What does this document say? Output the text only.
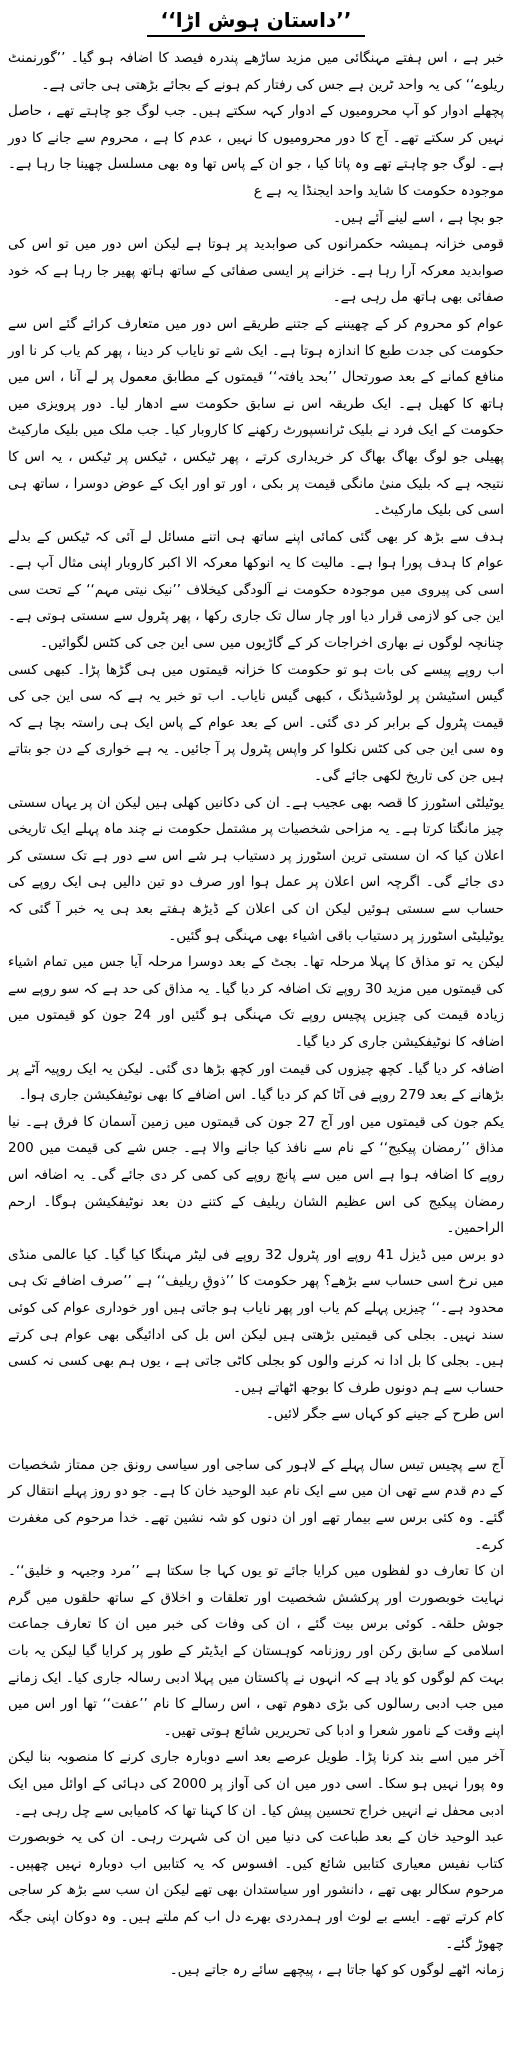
’’داستان ہوش اڑا‘‘

خبر ہے ، اس ہفتے مہنگائی میں مزید ساڑھے پندرہ فیصد کا اضافہ ہو گیا۔ ’’گورنمنٹ ریلوے‘‘ کی یہ واحد ٹرین ہے جس کی رفتار کم ہونے کے بجائے بڑھتی ہی جاتی ہے۔

پچھلے ادوار کو آپ محرومیوں کے ادوار کہہ سکتے ہیں۔ جب لوگ جو چاہتے تھے ، حاصل نہیں کر سکتے تھے۔ آج کا دور محرومیوں کا نہیں ، عدم کا ہے ، محروم سے جانے کا دور ہے۔ لوگ جو چاہتے تھے وہ پاتا کیا ، جو ان کے پاس تھا وہ بھی مسلسل چھینا جا رہا ہے۔ موجودہ حکومت کا شاید واحد ایجنڈا یہ ہے ع

جو بچا ہے ، اسے لینے آئے ہیں۔

قومی خزانہ ہمیشہ حکمرانوں کی صوابدید پر ہوتا ہے لیکن اس دور میں تو اس کی صوابدید معرکہ آرا رہا ہے۔ خزانے پر ایسی صفائی کے ساتھ ہاتھ پھیر جا رہا ہے کہ خود صفائی بھی ہاتھ مل رہی ہے۔

عوام کو محروم کر کے چھیننے کے جتنے طریقے اس دور میں متعارف کرائے گئے اس سے حکومت کی جدت طبع کا اندازہ ہوتا ہے۔ ایک شے تو نایاب کر دینا ، پھر کم یاب کر نا اور منافع کمانے کے بعد صورتحال ’’بحد یافتہ‘‘ قیمتوں کے مطابق معمول پر لے آنا ، اس میں ہاتھ کا کھیل ہے۔ ایک طریقہ اس نے سابق حکومت سے ادھار لیا۔ دور پرویزی میں حکومت کے ایک فرد نے بلیک ٹرانسپورٹ رکھنے کا کاروبار کیا۔ جب ملک میں بلیک مارکیٹ پھیلی جو لوگ بھاگ بھاگ کر خریداری کرتے ، پھر ٹیکس ، ٹیکس پر ٹیکس ، یہ اس کا نتیجہ ہے کہ بلیک منیٰ مانگی قیمت پر بکی ، اور تو اور ایک کے عوض دوسرا ، ساتھ ہی اسی کی بلیک مارکیٹ۔

ہدف سے بڑھ کر بھی گئی کمائی اپنے ساتھ ہی اتنے مسائل لے آئی کہ ٹیکس کے بدلے عوام کا ہدف پورا ہوا ہے۔ مالیت کا یہ انوکھا معرکہ الا اکبر کاروبار اپنی مثال آپ ہے۔ اسی کی پیروی میں موجودہ حکومت نے آلودگی کیخلاف ’’نیک نیتی مہم‘‘ کے تحت سی این جی کو لازمی قرار دیا اور چار سال تک جاری رکھا ، پھر پٹرول سے سستی ہوتی ہے۔ چنانچہ لوگوں نے بھاری اخراجات کر کے گاڑیوں میں سی این جی کی کٹس لگوائیں۔

اب روپے پیسے کی بات ہو تو حکومت کا خزانہ قیمتوں میں ہی گڑھا پڑا۔ کبھی کسی گیس اسٹیشن پر لوڈشیڈنگ ، کبھی گیس نایاب۔ اب تو خبر یہ ہے کہ سی این جی کی قیمت پٹرول کے برابر کر دی گئی۔ اس کے بعد عوام کے پاس ایک ہی راستہ بچا ہے کہ وہ سی این جی کی کٹس نکلوا کر واپس پٹرول پر آ جائیں۔ یہ ہے خواری کے دن جو بتاتے ہیں جن کی تاریخ لکھی جائے گی۔

یوٹیلٹی اسٹورز کا قصہ بھی عجیب ہے۔ ان کی دکانیں کھلی ہیں لیکن ان پر یہاں سستی چیز مانگتا کرتا ہے۔ یہ مزاحی شخصیات پر مشتمل حکومت نے چند ماہ پہلے ایک تاریخی اعلان کیا کہ ان سستی ترین اسٹورز پر دستیاب ہر شے اس سے دور ہے تک سستی کر دی جائے گی۔ اگرچہ اس اعلان پر عمل ہوا اور صرف دو تین دالیں ہی ایک روپے کی حساب سے سستی ہوئیں لیکن ان کی اعلان کے ڈیڑھ ہفتے بعد ہی یہ خبر آ گئی کہ یوٹیلیٹی اسٹورز پر دستیاب باقی اشیاء بھی مہنگی ہو گئیں۔

لیکن یہ تو مذاق کا پہلا مرحلہ تھا۔ بجٹ کے بعد دوسرا مرحلہ آیا جس میں تمام اشیاء کی قیمتوں میں مزید 30 روپے تک اضافہ کر دیا گیا۔ یہ مذاق کی حد ہے کہ سو روپے سے زیادہ قیمت کی چیزیں پچیس روپے تک مہنگی ہو گئیں اور 24 جون کو قیمتوں میں اضافہ کا نوٹیفکیشن جاری کر دیا گیا۔

اضافہ کر دیا گیا۔ کچھ چیزوں کی قیمت اور کچھ بڑھا دی گئی۔ لیکن یہ ایک روپیہ آٹے پر بڑھانے کے بعد 279 روپے فی آٹا کم کر دیا گیا۔ اس اضافے کا بھی نوٹیفکیشن جاری ہوا۔

یکم جون کی قیمتوں میں اور آج 27 جون کی قیمتوں میں زمین آسمان کا فرق ہے۔ نیا مذاق ’’رمضان پیکیج‘‘ کے نام سے نافذ کیا جانے والا ہے۔ جس شے کی قیمت میں 200 روپے کا اضافہ ہوا ہے اس میں سے پانچ روپے کی کمی کر دی جائے گی۔ یہ اضافہ اس رمضان پیکیج کی اس عظیم الشان ریلیف کے کتنے دن بعد نوٹیفکیشن ہوگا۔ ارحم الراحمین۔

دو برس میں ڈیزل 41 روپے اور پٹرول 32 روپے فی لیٹر مہنگا کیا گیا۔ کیا عالمی منڈی میں نرخ اسی حساب سے بڑھے؟ پھر حکومت کا ’’ذوقِ ریلیف‘‘ ہے ’’صرف اضافے تک ہی محدود ہے۔‘‘ چیزیں پہلے کم یاب اور پھر نایاب ہو جاتی ہیں اور خوداری عوام کی کوئی سند نہیں۔ بجلی کی قیمتیں بڑھتی ہیں لیکن اس بل کی ادائیگی بھی عوام ہی کرتے ہیں۔ بجلی کا بل ادا نہ کرنے والوں کو بجلی کاٹی جاتی ہے ، یوں ہم بھی کسی نہ کسی حساب سے ہم دونوں طرف کا بوجھ اٹھاتے ہیں۔

اس طرح کے جینے کو کہاں سے جگر لائیں۔

آج سے پچیس تیس سال پہلے کے لاہور کی ساجی اور سیاسی رونق جن ممتاز شخصیات کے دم قدم سے تھی ان میں سے ایک نام عبد الوحید خان کا ہے۔ جو دو روز پہلے انتقال کر گئے۔ وہ کئی برس سے بیمار تھے اور ان دنوں کو شہ نشین تھے۔ خدا مرحوم کی مغفرت کرے۔

ان کا تعارف دو لفظوں میں کرایا جائے تو یوں کہا جا سکتا ہے ’’مرد وجیہہ و خلیق‘‘۔ نہایت خوبصورت اور پرکشش شخصیت اور تعلقات و اخلاق کے ساتھ حلقوں میں گرم جوش حلقہ۔ کوئی برس بیت گئے ، ان کی وفات کی خبر میں ان کا تعارف جماعت اسلامی کے سابق رکن اور روزنامہ کوہستان کے ایڈیٹر کے طور پر کرایا گیا لیکن یہ بات بہت کم لوگوں کو یاد ہے کہ انہوں نے پاکستان میں پہلا ادبی رسالہ جاری کیا۔ ایک زمانے میں جب ادبی رسالوں کی بڑی دھوم تھی ، اس رسالے کا نام ’’عفت‘‘ تھا اور اس میں اپنے وقت کے نامور شعرا و ادبا کی تحریریں شائع ہوتی تھیں۔

آخر میں اسے بند کرنا پڑا۔ طویل عرصے بعد اسے دوبارہ جاری کرنے کا منصوبہ بنا لیکن وہ پورا نہیں ہو سکا۔ اسی دور میں ان کی آواز پر 2000 کی دہائی کے اوائل میں ایک ادبی محفل نے انہیں خراج تحسین پیش کیا۔ ان کا کہنا تھا کہ کامیابی سے چل رہی ہے۔

عبد الوحید خان کے بعد طباعت کی دنیا میں ان کی شہرت رہی۔ ان کی یہ خوبصورت کتاب نفیس معیاری کتابیں شائع کیں۔ افسوس کہ یہ کتابیں اب دوبارہ نہیں چھپیں۔ مرحوم سکالر بھی تھے ، دانشور اور سیاستدان بھی تھے لیکن ان سب سے بڑھ کر ساجی کام کرتے تھے۔ ایسے بے لوث اور ہمدردی بھرے دل اب کم ملتے ہیں۔ وہ دوکان اپنی جگہ چھوڑ گئے۔

زمانہ اٹھے لوگوں کو کھا جاتا ہے ، پیچھے سائے رہ جاتے ہیں۔
